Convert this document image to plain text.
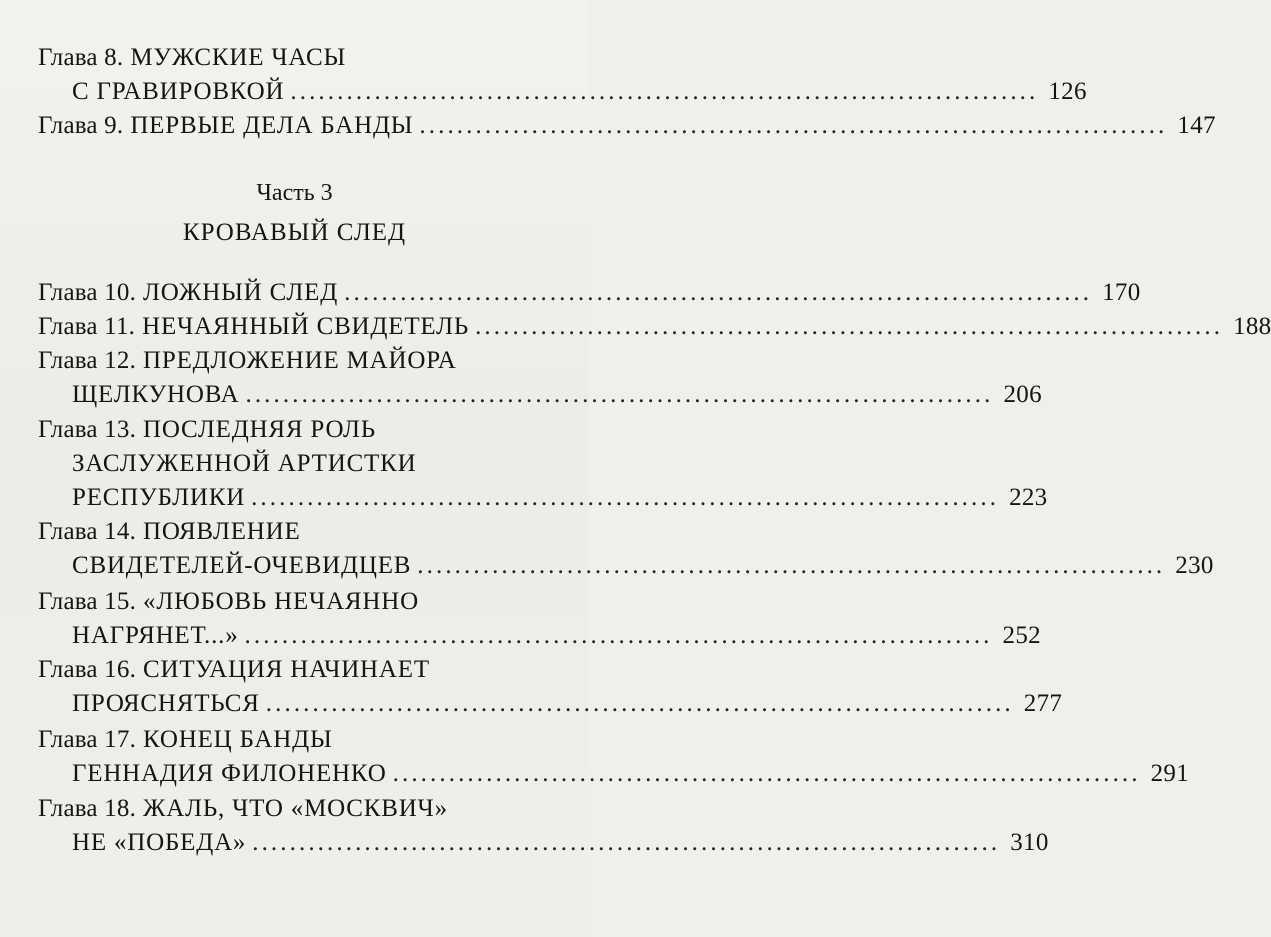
Глава 8. МУЖСКИЕ ЧАСЫ
С ГРАВИРОВКОЙ ................................................................................ 126
Глава 9. ПЕРВЫЕ ДЕЛА БАНДЫ ................................................................................ 147
Часть 3
КРОВАВЫЙ СЛЕД
Глава 10. ЛОЖНЫЙ СЛЕД ................................................................................ 170
Глава 11. НЕЧАЯННЫЙ СВИДЕТЕЛЬ ................................................................................ 188
Глава 12. ПРЕДЛОЖЕНИЕ МАЙОРА
ЩЕЛКУНОВА ................................................................................ 206
Глава 13. ПОСЛЕДНЯЯ РОЛЬ
ЗАСЛУЖЕННОЙ АРТИСТКИ
РЕСПУБЛИКИ ................................................................................ 223
Глава 14. ПОЯВЛЕНИЕ
СВИДЕТЕЛЕЙ-ОЧЕВИДЦЕВ ................................................................................ 230
Глава 15. «ЛЮБОВЬ НЕЧАЯННО
НАГРЯНЕТ...» ................................................................................ 252
Глава 16. СИТУАЦИЯ НАЧИНАЕТ
ПРОЯСНЯТЬСЯ ................................................................................ 277
Глава 17. КОНЕЦ БАНДЫ
ГЕННАДИЯ ФИЛОНЕНКО ................................................................................ 291
Глава 18. ЖАЛЬ, ЧТО «МОСКВИЧ»
НЕ «ПОБЕДА» ................................................................................ 310
